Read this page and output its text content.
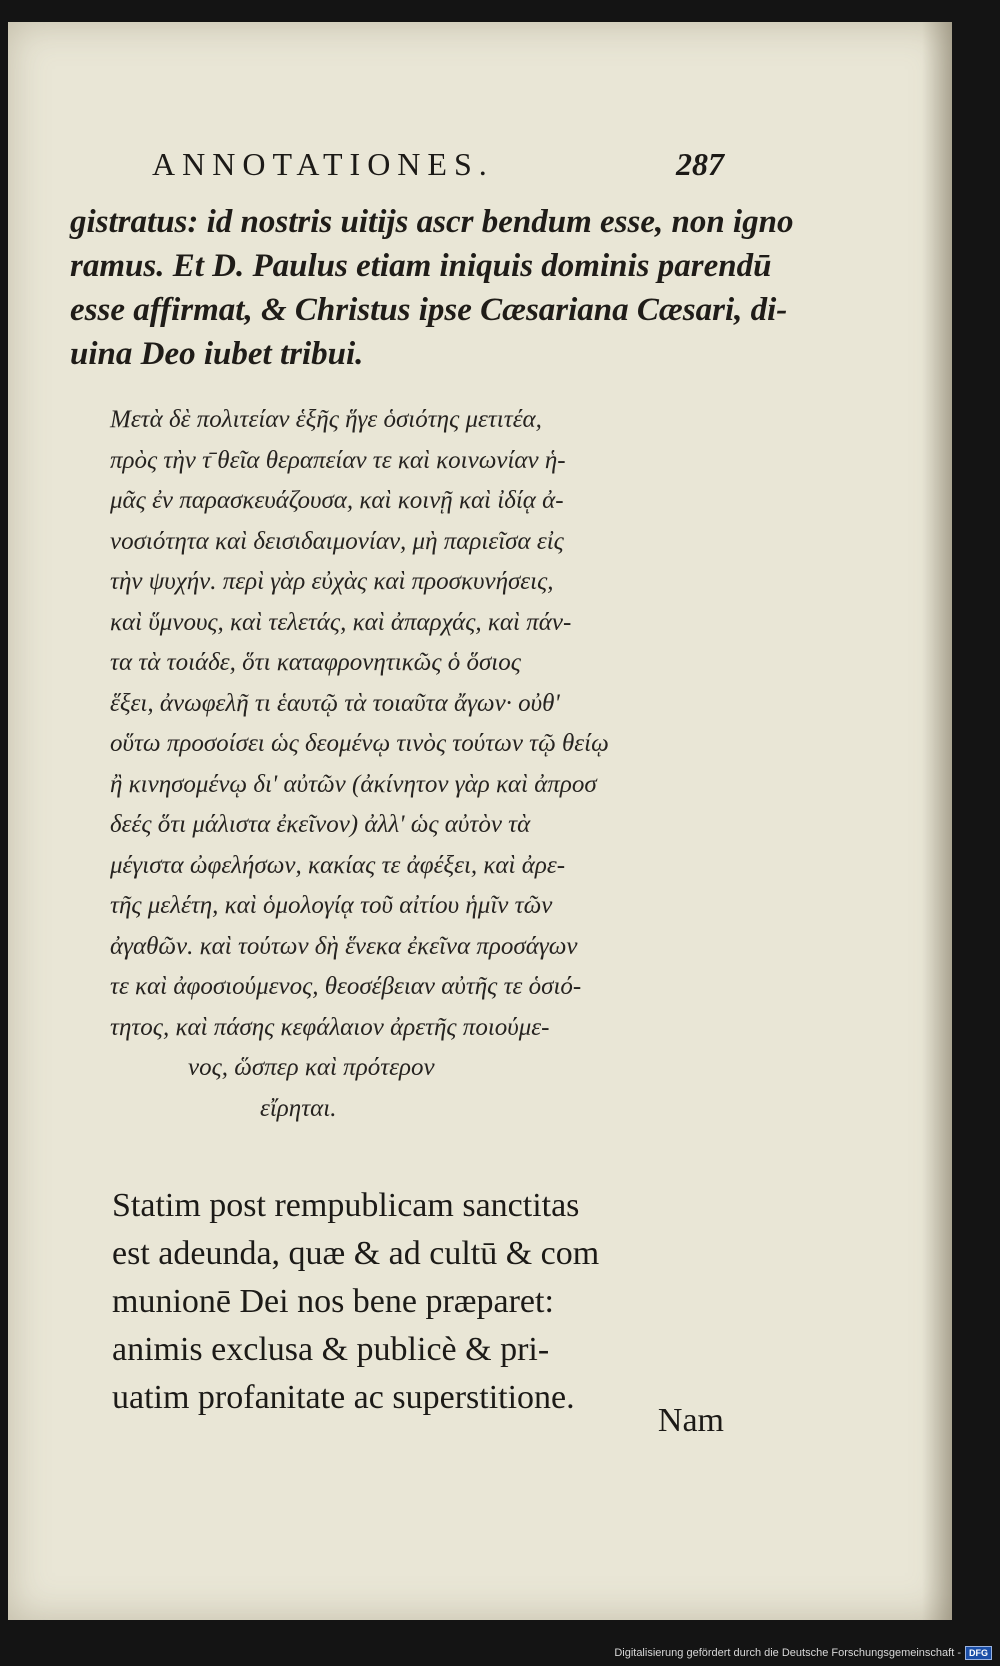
ANNOTATIONES.	287

gistratus: id nostris uitijs ascr bendum esse, non igno
ramus. Et D. Paulus etiam iniquis dominis parendū
esse affirmat, & Christus ipse Cæsariana Cæsari, di-
uina Deo iubet tribui.

Μετὰ δὲ πολιτείαν ἑξῆς ἥγε ὁσιότης μετιτέα,
πρὸς τὴν τ̄ θεῖα θεραπείαν τε καὶ κοινωνίαν ἡ-
μᾶς ἐν παρασκευάζουσα, καὶ κοινῇ καὶ ἰδίᾳ ἀ-
νοσιότητα καὶ δεισιδαιμονίαν, μὴ παριεῖσα εἰς
τὴν ψυχήν. περὶ γὰρ εὐχὰς καὶ προσκυνήσεις,
καὶ ὕμνους, καὶ τελετάς, καὶ ἀπαρχάς, καὶ πάν-
τα τὰ τοιάδε, ὅτι καταφρονητικῶς ὁ ὅσιος
ἕξει, ἀνωφελῆ τι ἑαυτῷ τὰ τοιαῦτα ἄγων· οὐθ'
οὕτω προσοίσει ὡς δεομένῳ τινὸς τούτων τῷ θείῳ
ἢ κινησομένῳ δι' αὐτῶν (ἀκίνητον γὰρ καὶ ἀπροσ
δεές ὅτι μάλιστα ἐκεῖνον) ἀλλ' ὡς αὐτὸν τὰ
μέγιστα ὠφελήσων, κακίας τε ἀφέξει, καὶ ἀρε-
τῆς μελέτη, καὶ ὁμολογίᾳ τοῦ αἰτίου ἡμῖν τῶν
ἀγαθῶν. καὶ τούτων δὴ ἕνεκα ἐκεῖνα προσάγων
τε καὶ ἀφοσιούμενος, θεοσέβειαν αὐτῆς τε ὁσιό-
τητος, καὶ πάσης κεφάλαιον ἀρετῆς ποιούμε-
νος, ὥσπερ καὶ πρότερον
εἴρηται.

Statim post rempublicam sanctitas
est adeunda, quæ & ad cultū & com
munionē Dei nos bene præparet:
animis exclusa & publicè & pri-
uatim profanitate ac superstitione.

Nam
Digitalisierung gefördert durch die Deutsche Forschungsgemeinschaft - DFG
